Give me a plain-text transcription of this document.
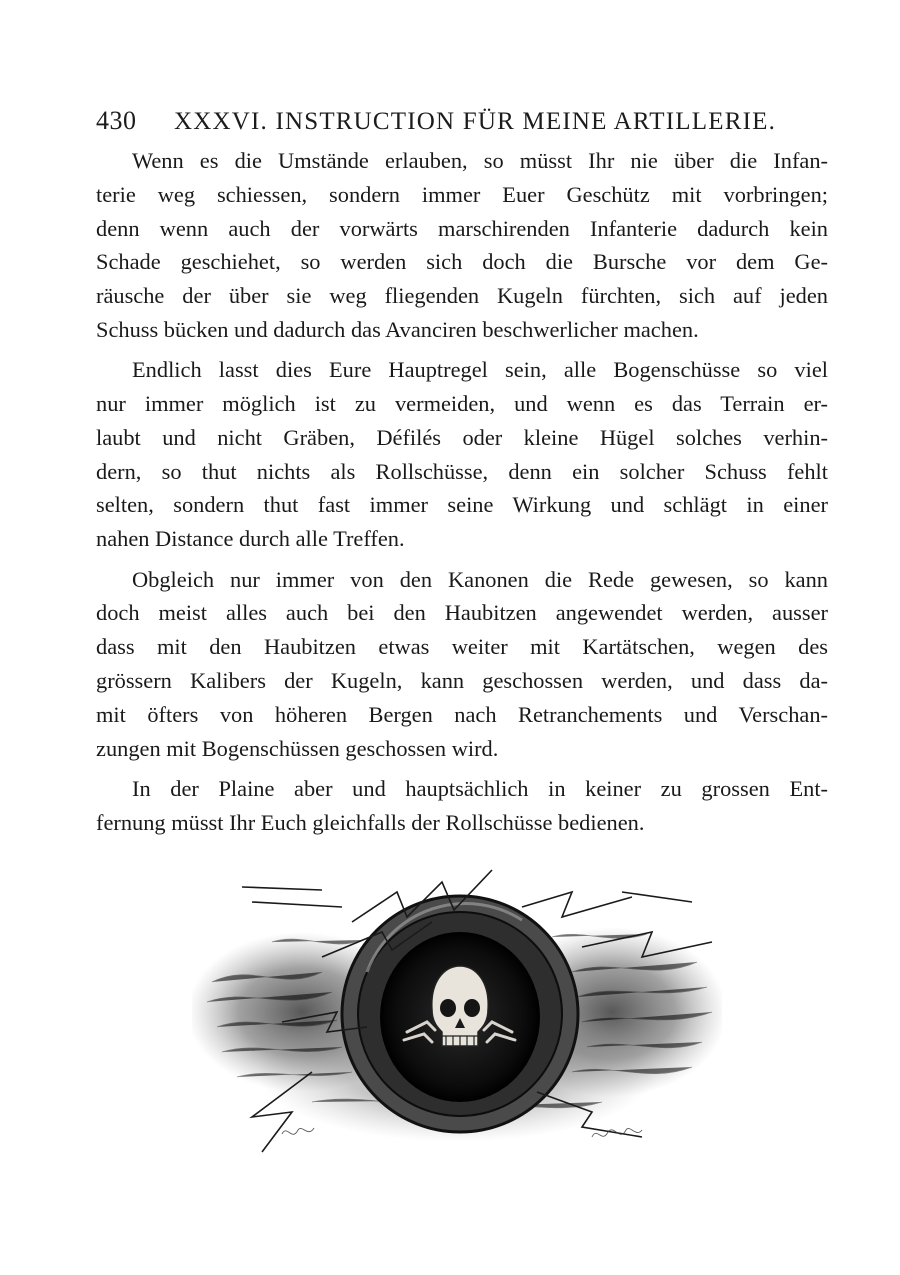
430	XXXVI. INSTRUCTION FÜR MEINE ARTILLERIE.

Wenn es die Umstände erlauben, so müsst Ihr nie über die Infan-
terie weg schiessen, sondern immer Euer Geschütz mit vorbringen;
denn wenn auch der vorwärts marschirenden Infanterie dadurch kein
Schade geschiehet, so werden sich doch die Bursche vor dem Ge-
räusche der über sie weg fliegenden Kugeln fürchten, sich auf jeden
Schuss bücken und dadurch das Avanciren beschwerlicher machen.

Endlich lasst dies Eure Hauptregel sein, alle Bogenschüsse so viel
nur immer möglich ist zu vermeiden, und wenn es das Terrain er-
laubt und nicht Gräben, Défilés oder kleine Hügel solches verhin-
dern, so thut nichts als Rollschüsse, denn ein solcher Schuss fehlt
selten, sondern thut fast immer seine Wirkung und schlägt in einer
nahen Distance durch alle Treffen.

Obgleich nur immer von den Kanonen die Rede gewesen, so kann
doch meist alles auch bei den Haubitzen angewendet werden, ausser
dass mit den Haubitzen etwas weiter mit Kartätschen, wegen des
grössern Kalibers der Kugeln, kann geschossen werden, und dass da-
mit öfters von höheren Bergen nach Retranchements und Verschan-
zungen mit Bogenschüssen geschossen wird.

In der Plaine aber und hauptsächlich in keiner zu grossen Ent-
fernung müsst Ihr Euch gleichfalls der Rollschüsse bedienen.
